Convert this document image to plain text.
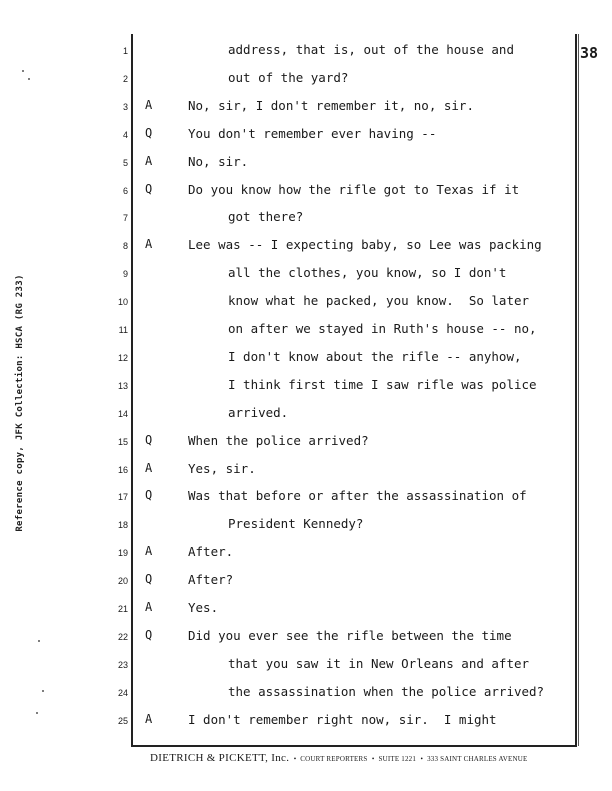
Reference copy, JFK Collection: HSCA (RG 233)
38
1	address, that is, out of the house and
2	out of the yard?
3 A	No, sir, I don't remember it, no, sir.
4 Q	You don't remember ever having --
5 A	No, sir.
6 Q	Do you know how the rifle got to Texas if it
7	got there?
8 A	Lee was -- I expecting baby, so Lee was packing
9	all the clothes, you know, so I don't
10	know what he packed, you know.  So later
11	on after we stayed in Ruth's house -- no,
12	I don't know about the rifle -- anyhow,
13	I think first time I saw rifle was police
14	arrived.
15 Q	When the police arrived?
16 A	Yes, sir.
17 Q	Was that before or after the assassination of
18	President Kennedy?
19 A	After.
20 Q	After?
21 A	Yes.
22 Q	Did you ever see the rifle between the time
23	that you saw it in New Orleans and after
24	the assassination when the police arrived?
25 A	I don't remember right now, sir.  I might
DIETRICH & PICKETT, Inc.  •  COURT REPORTERS  •  SUITE 1221  •  333 SAINT CHARLES AVENUE
